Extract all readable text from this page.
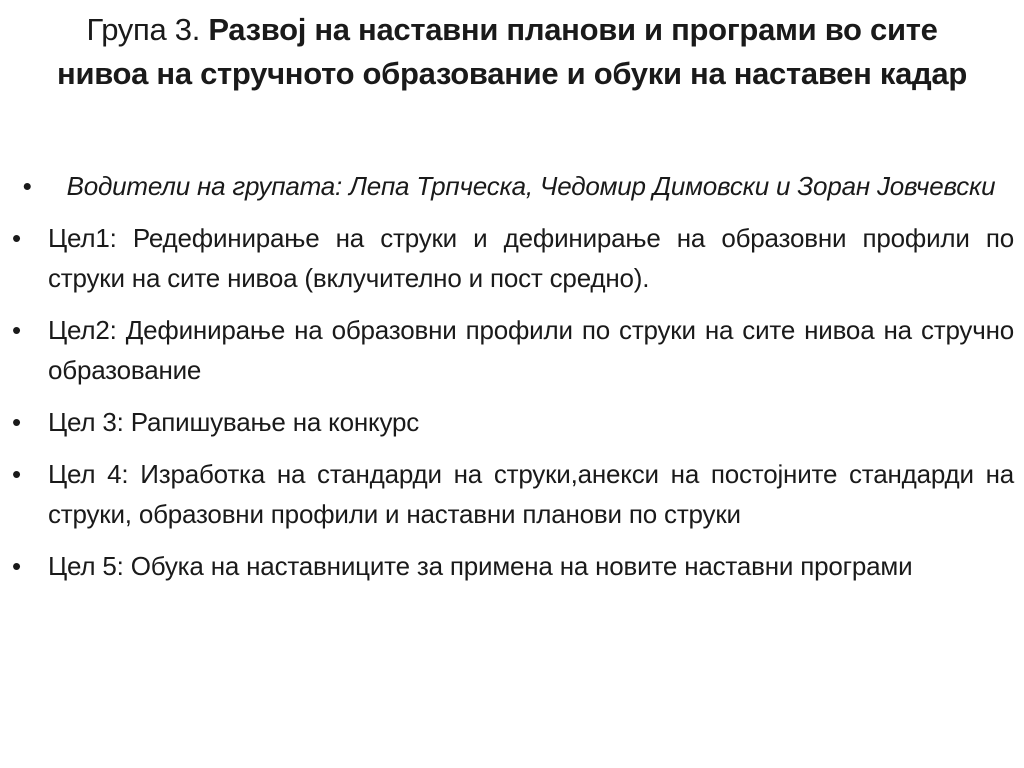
Група 3. Развој на наставни планови и програми во сите нивоа на стручното образование и обуки на наставен кадар
•	Водители на групата: Лепа Трпческа, Чедомир Димовски и Зоран Јовчевски
•	Цел1: Редефинирање на струки и дефинирање на образовни профили по струки на сите нивоа (вклучително и пост средно).
•	Цел2: Дефинирање на образовни профили по струки на сите нивоа на стручно образование
•	Цел 3: Рапишување на конкурс
•	Цел 4: Изработка на стандарди на струки,анекси на постојните стандарди на струки, образовни профили и наставни планови по струки
•	Цел 5: Обука на наставниците за примена на новите наставни програми
